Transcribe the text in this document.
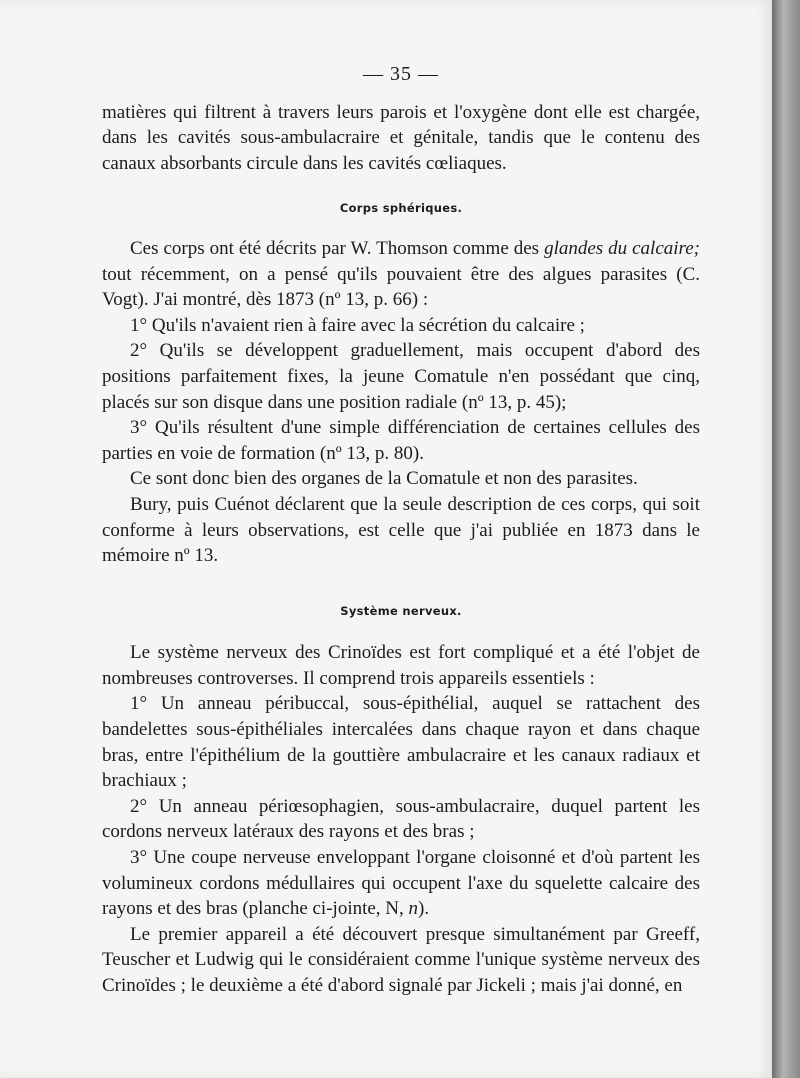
— 35 —

matières qui filtrent à travers leurs parois et l'oxygène dont elle est chargée, dans les cavités sous-ambulacraire et génitale, tandis que le contenu des canaux absorbants circule dans les cavités cœliaques.

Corps sphériques.

Ces corps ont été décrits par W. Thomson comme des glandes du calcaire; tout récemment, on a pensé qu'ils pouvaient être des algues parasites (C. Vogt). J'ai montré, dès 1873 (nº 13, p. 66) :

1° Qu'ils n'avaient rien à faire avec la sécrétion du calcaire ;

2° Qu'ils se développent graduellement, mais occupent d'abord des positions parfaitement fixes, la jeune Comatule n'en possédant que cinq, placés sur son disque dans une position radiale (nº 13, p. 45);

3° Qu'ils résultent d'une simple différenciation de certaines cellules des parties en voie de formation (nº 13, p. 80).

Ce sont donc bien des organes de la Comatule et non des parasites.

Bury, puis Cuénot déclarent que la seule description de ces corps, qui soit conforme à leurs observations, est celle que j'ai publiée en 1873 dans le mémoire nº 13.

Système nerveux.

Le système nerveux des Crinoïdes est fort compliqué et a été l'objet de nombreuses controverses. Il comprend trois appareils essentiels :

1° Un anneau péribuccal, sous-épithélial, auquel se rattachent des bandelettes sous-épithéliales intercalées dans chaque rayon et dans chaque bras, entre l'épithélium de la gouttière ambulacraire et les canaux radiaux et brachiaux ;

2° Un anneau périœsophagien, sous-ambulacraire, duquel partent les cordons nerveux latéraux des rayons et des bras ;

3° Une coupe nerveuse enveloppant l'organe cloisonné et d'où partent les volumineux cordons médullaires qui occupent l'axe du squelette calcaire des rayons et des bras (planche ci-jointe, N, n).

Le premier appareil a été découvert presque simultanément par Greeff, Teuscher et Ludwig qui le considéraient comme l'unique système nerveux des Crinoïdes ; le deuxième a été d'abord signalé par Jickeli ; mais j'ai donné, en
